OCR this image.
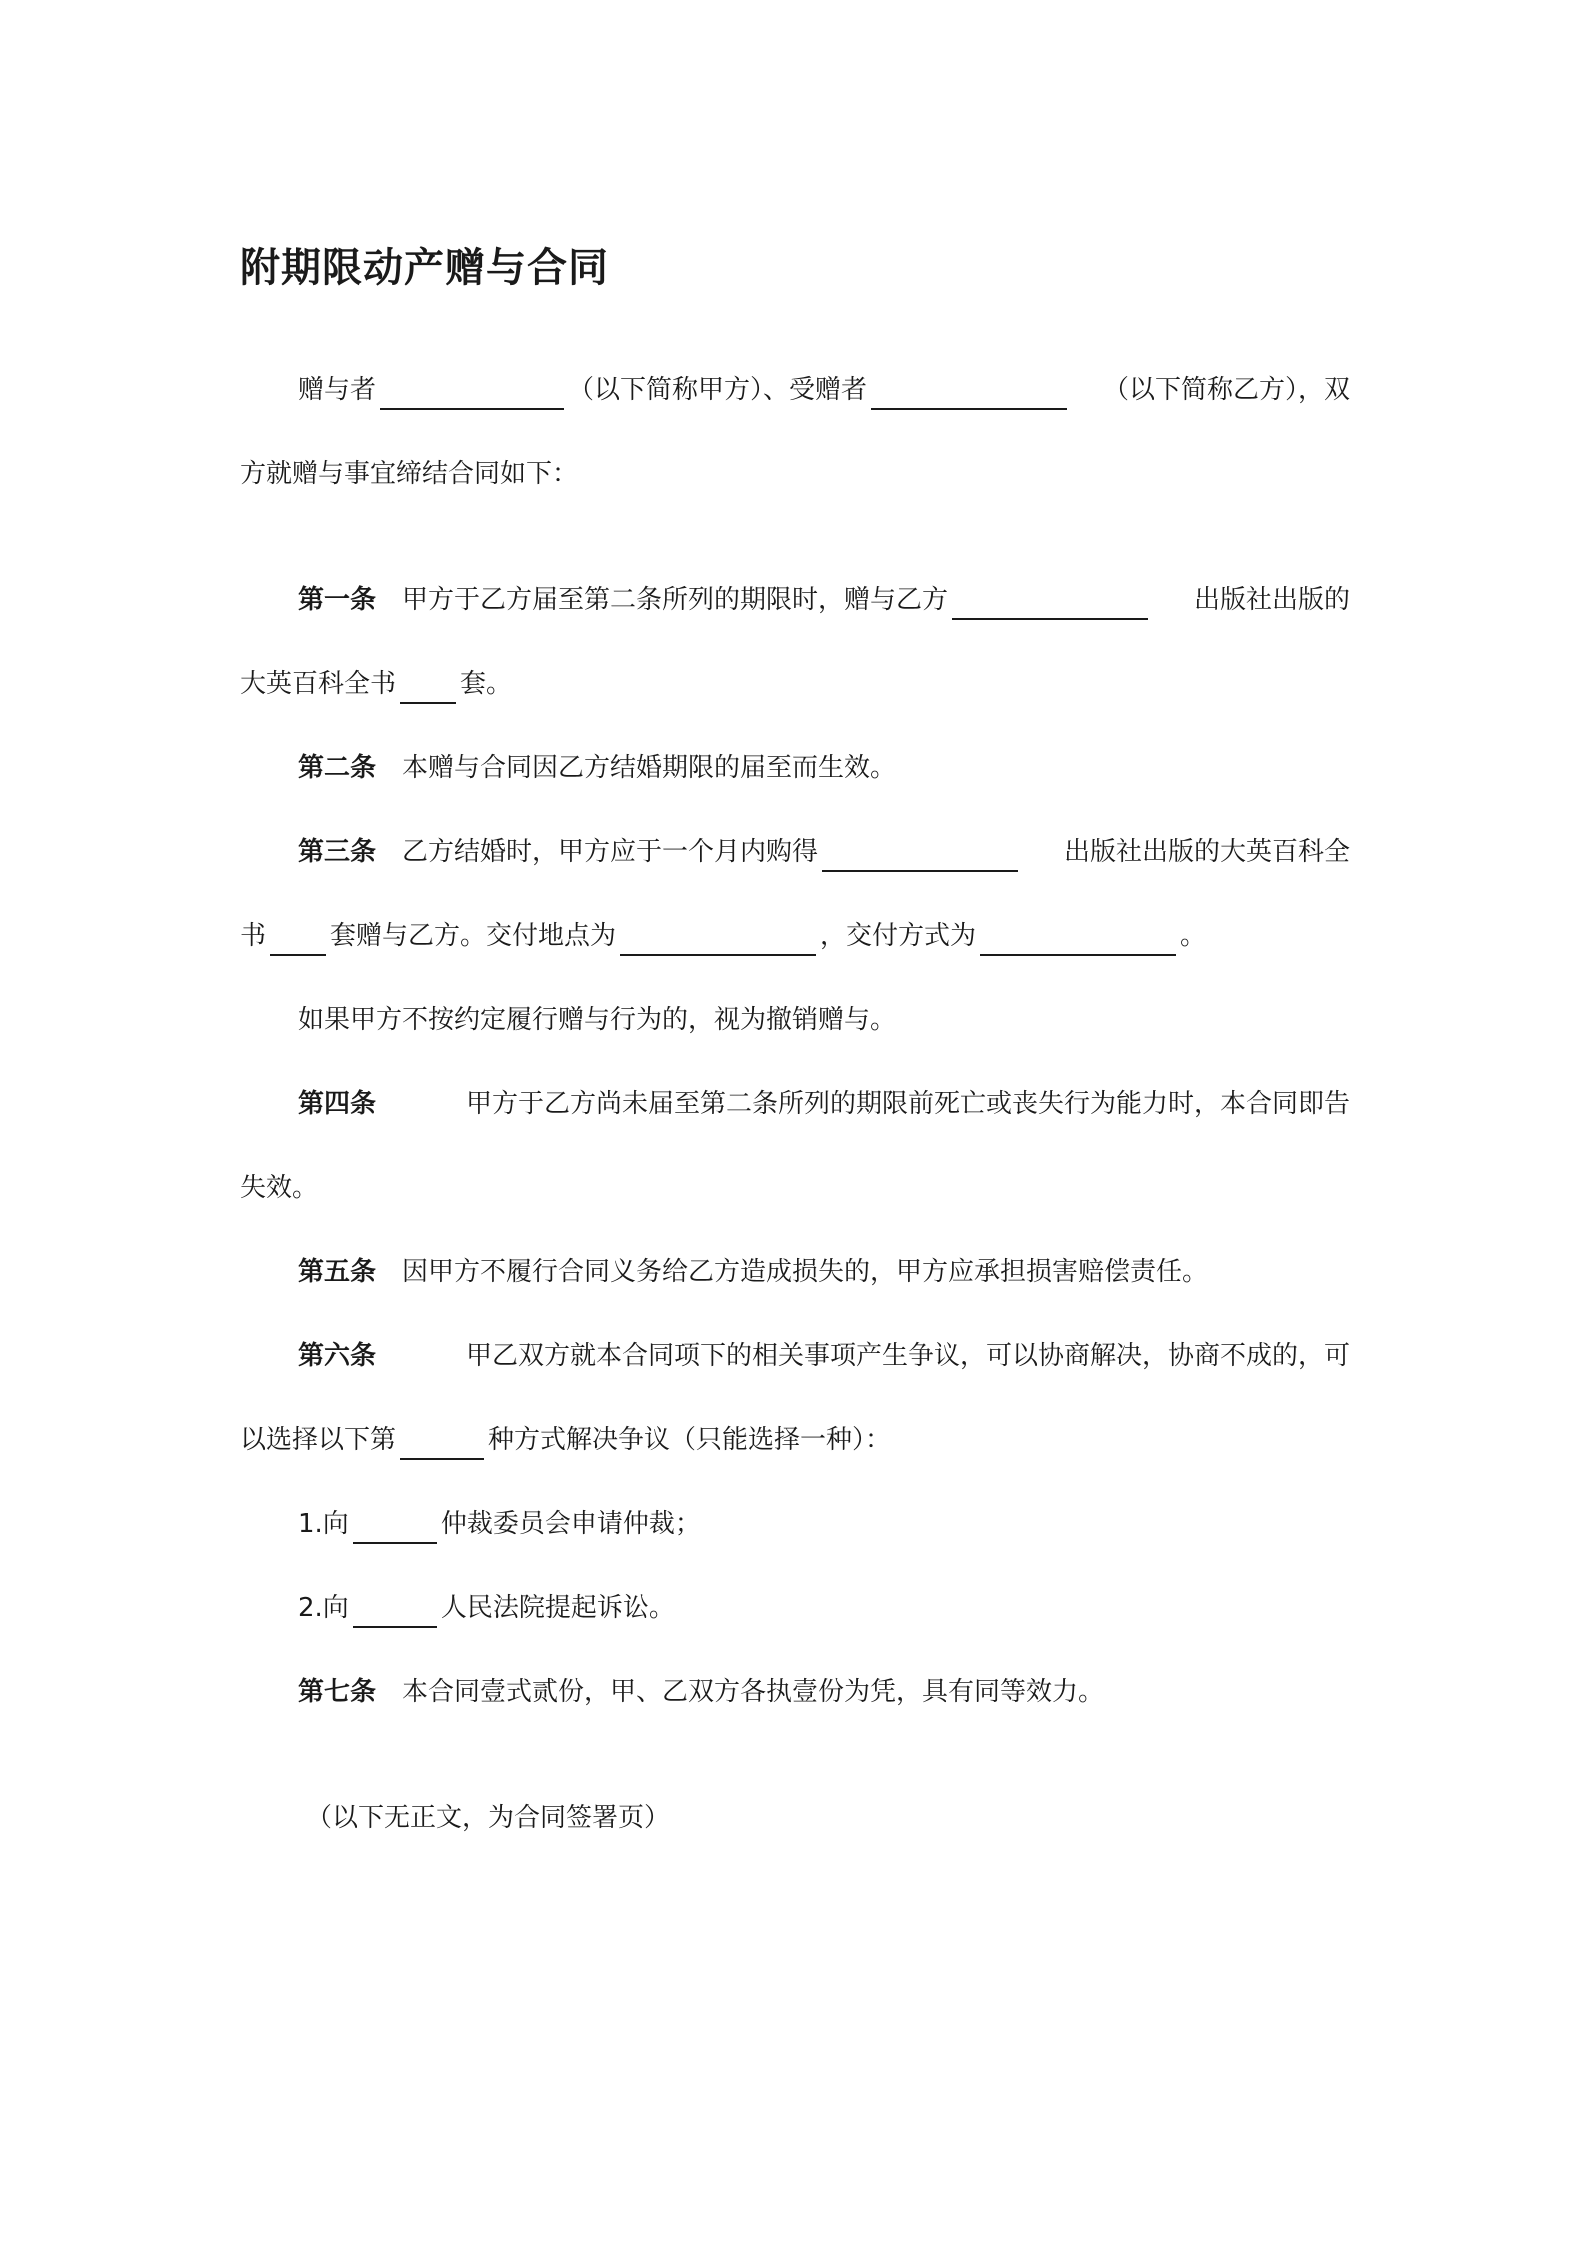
附期限动产赠与合同
赠与者	（以下简称甲方）、受赠者	（以下简称乙方），双
方就赠与事宜缔结合同如下：
第一条 甲方于乙方届至第二条所列的期限时，赠与乙方	出版社出版的
大英百科全书 套。
第二条 本赠与合同因乙方结婚期限的届至而生效。
第三条 乙方结婚时，甲方应于一个月内购得	出版社出版的大英百科全
书 套赠与乙方。交付地点为	，交付方式为	。
如果甲方不按约定履行赠与行为的，视为撤销赠与。
第四条	甲方于乙方尚未届至第二条所列的期限前死亡或丧失行为能力时，本合同即告
失效。
第五条 因甲方不履行合同义务给乙方造成损失的，甲方应承担损害赔偿责任。
第六条	甲乙双方就本合同项下的相关事项产生争议，可以协商解决，协商不成的，可
以选择以下第	种方式解决争议（只能选择一种）：
1.向	仲裁委员会申请仲裁；
2.向	人民法院提起诉讼。
第七条 本合同壹式贰份，甲、乙双方各执壹份为凭，具有同等效力。
（以下无正文，为合同签署页）
